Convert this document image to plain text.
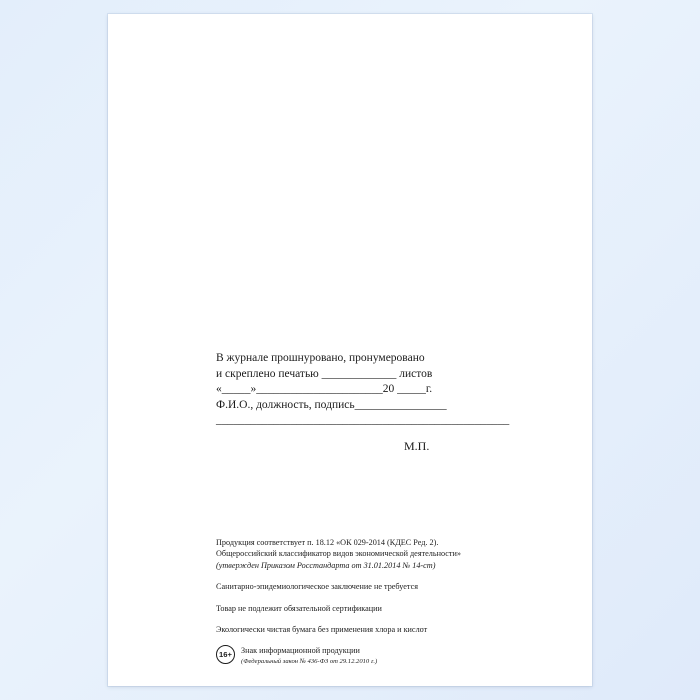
В журнале прошнуровано, пронумеровано
и скреплено печатью _____________ листов
«_____»______________________20 _____г.
Ф.И.О., должность, подпись________________
___________________________________________________
М.П.
Продукция соответствует п. 18.12 «ОК 029-2014 (КДЕС Ред. 2).
Общероссийский классификатор видов экономической деятельности»
(утвержден Приказом Росстандарта от 31.01.2014 № 14-ст)
Санитарно-эпидемиологическое заключение не требуется
Товар не подлежит обязательной сертификации
Экологически чистая бумага без применения хлора и кислот
16+	Знак информационной продукции
(Федеральный закон № 436-ФЗ от 29.12.2010 г.)
